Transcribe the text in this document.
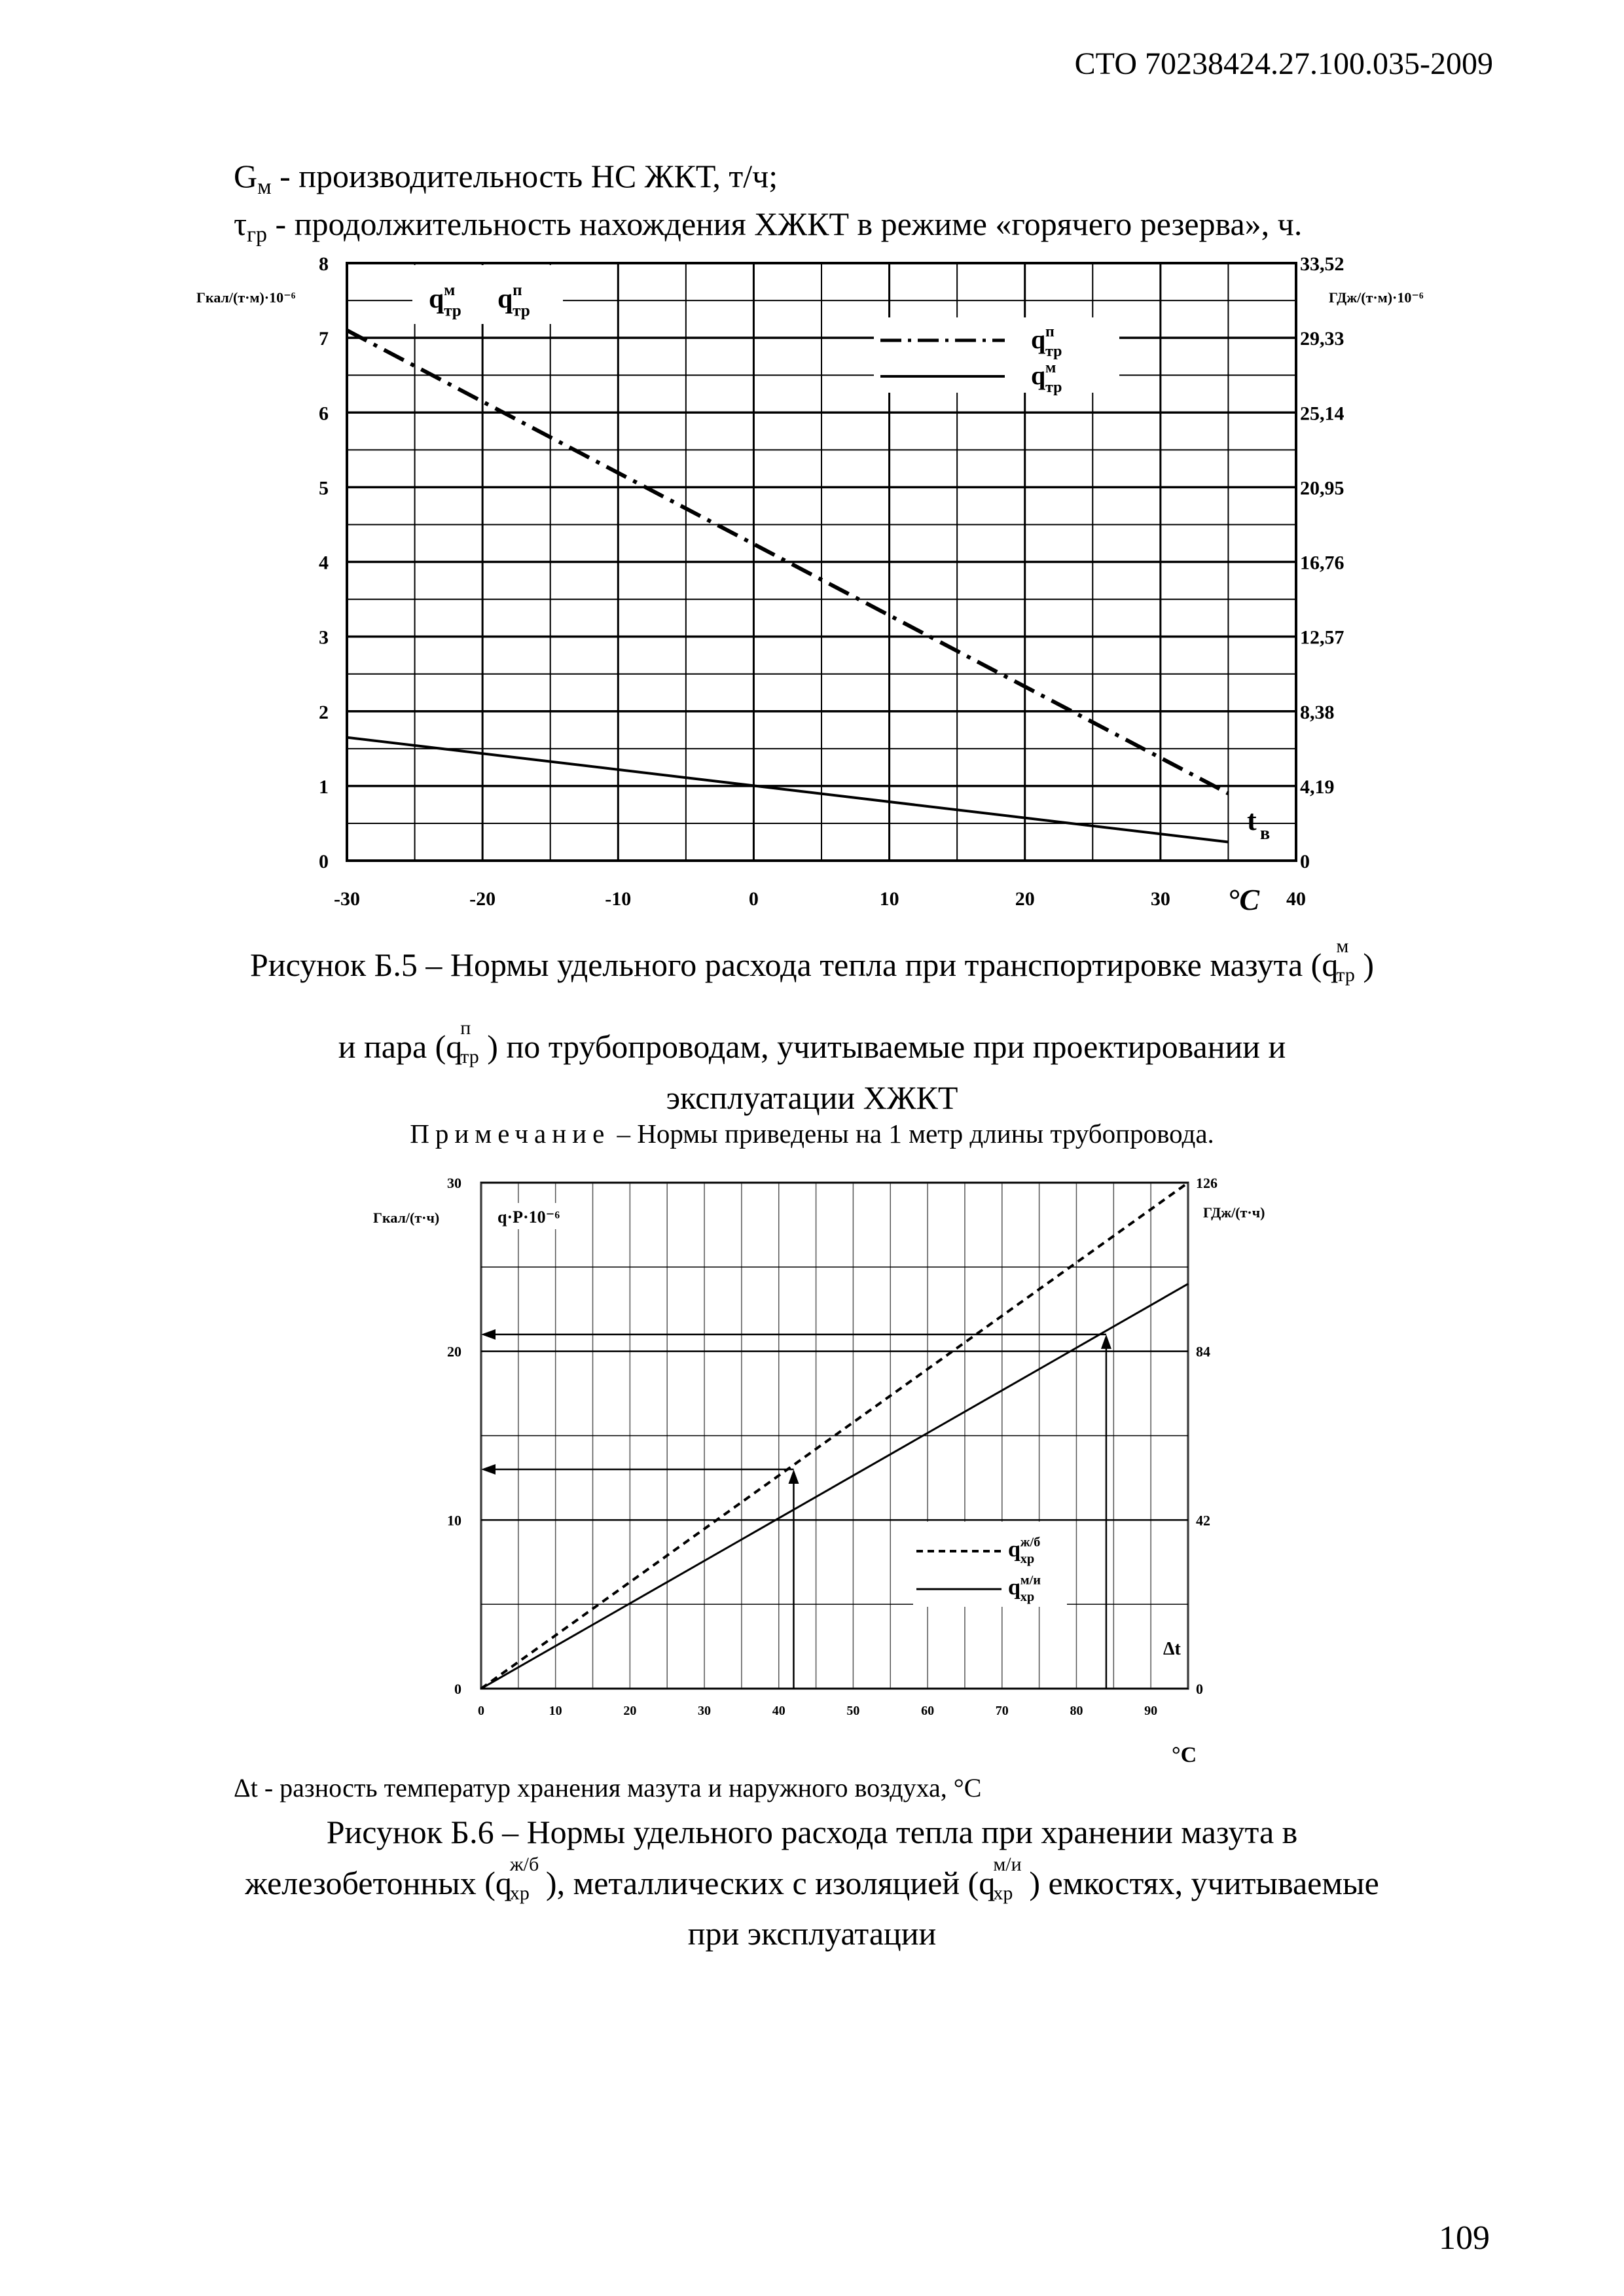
СТО 70238424.27.100.035-2009
$G_м$ - производительность НС ЖКТ, т/ч;
$\tau_{гр}$ - продолжительность нахождения ХЖКТ в режиме «горячего резерва», ч.
-30	-20	-10	0	10	20	30	40
0
1
2
3
4
5
6
7
8
0
4,19
8,38
12,57
16,76
20,95
25,14
29,33
33,52
Гкал/(т·м)·10⁻⁶	ГДж/(т·м)·10⁻⁶
q м
тр q п
тр
q п
тр
q м
тр
t в
°С
Рисунок Б.5 – Нормы удельного расхода тепла при транспортировке мазута (q
м
тр )
и пара (q
п
тр ) по трубопроводам, учитываемые при проектировании и
эксплуатации ХЖКТ
Примечание – Нормы приведены на 1 метр длины трубопровода.
0	10	20	30	40	50	60	70	80	90
0
10
20
30
0
42
84
126
Гкал/(т·ч)	q·P·10⁻⁶	ГДж/(т·ч)
q ж/б
хр
q м/и
хр
Δt
°С
Δt - разность температур хранения мазута и наружного воздуха, °С
Рисунок Б.6 – Нормы удельного расхода тепла при хранении мазута в
железобетонных (q
ж/б
хр ), металлических с изоляцией (q
м/и
хр ) емкостях, учитываемые
при эксплуатации
109
